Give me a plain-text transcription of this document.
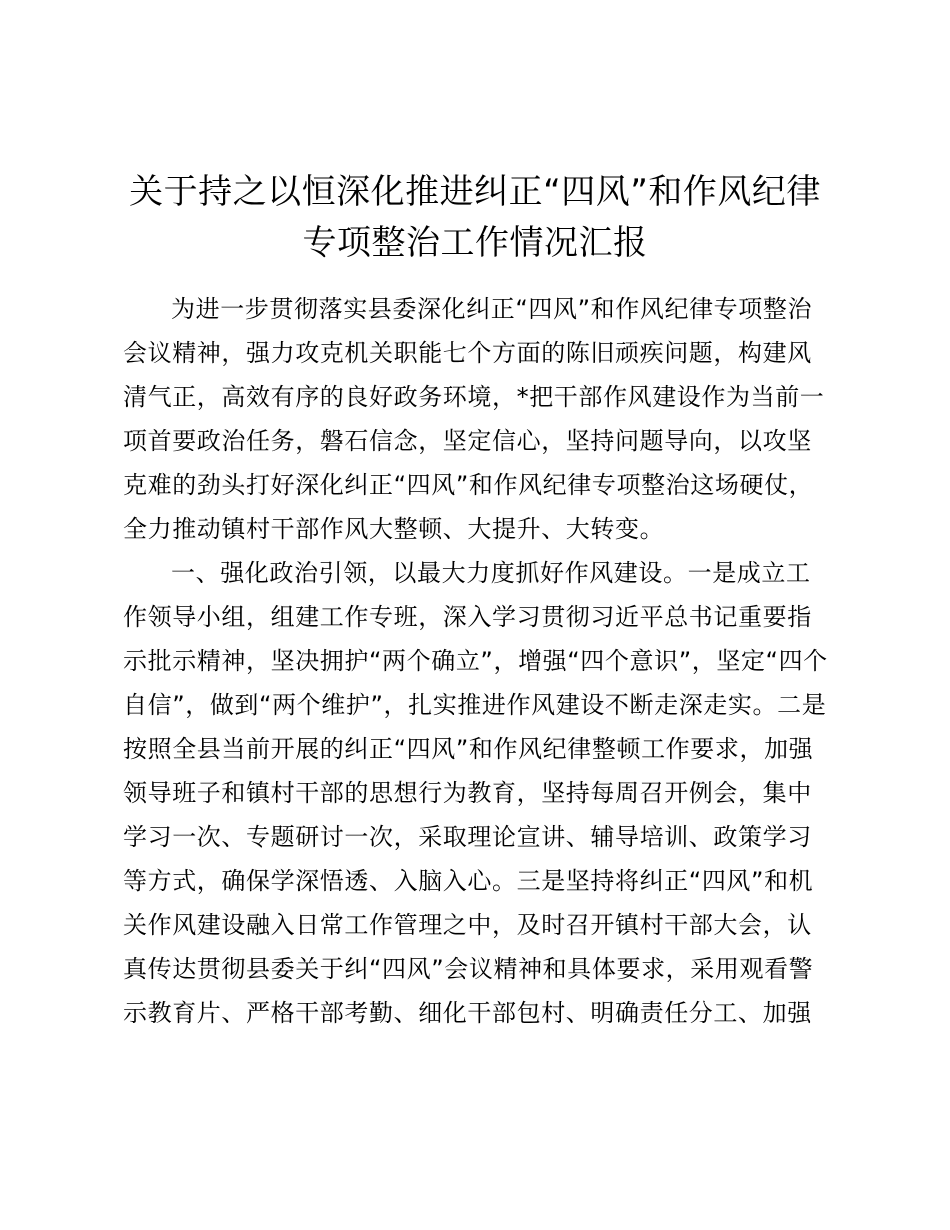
关于持之以恒深化推进纠正“四风”和作风纪律
专项整治工作情况汇报
为进一步贯彻落实县委深化纠正“四风”和作风纪律专项整治
会议精神，强力攻克机关职能七个方面的陈旧顽疾问题，构建风
清气正，高效有序的良好政务环境，*把干部作风建设作为当前一
项首要政治任务，磐石信念，坚定信心，坚持问题导向，以攻坚
克难的劲头打好深化纠正“四风”和作风纪律专项整治这场硬仗，
全力推动镇村干部作风大整顿、大提升、大转变。
一、强化政治引领，以最大力度抓好作风建设。一是成立工
作领导小组，组建工作专班，深入学习贯彻习近平总书记重要指
示批示精神，坚决拥护“两个确立”，增强“四个意识”，坚定“四个
自信”，做到“两个维护”，扎实推进作风建设不断走深走实。二是
按照全县当前开展的纠正“四风”和作风纪律整顿工作要求，加强
领导班子和镇村干部的思想行为教育，坚持每周召开例会，集中
学习一次、专题研讨一次，采取理论宣讲、辅导培训、政策学习
等方式，确保学深悟透、入脑入心。三是坚持将纠正“四风”和机
关作风建设融入日常工作管理之中，及时召开镇村干部大会，认
真传达贯彻县委关于纠“四风”会议精神和具体要求，采用观看警
示教育片、严格干部考勤、细化干部包村、明确责任分工、加强
